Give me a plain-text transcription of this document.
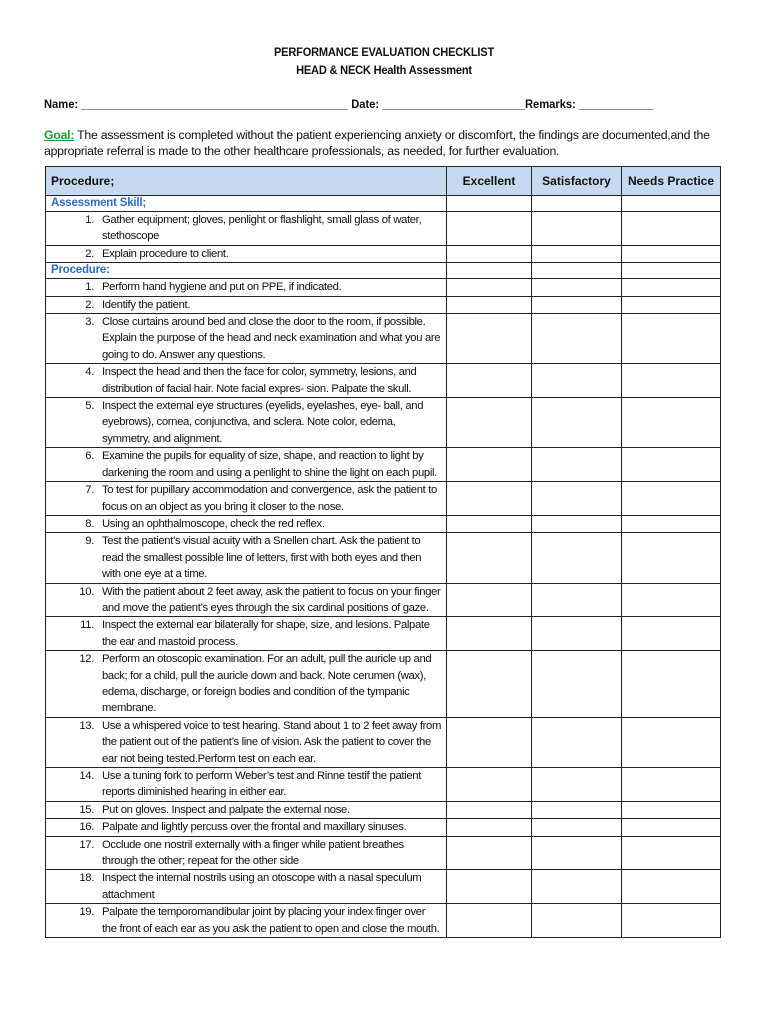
PERFORMANCE EVALUATION CHECKLIST
HEAD & NECK Health Assessment
Name: ___________________________________________ Date: _______________________Remarks: ____________
Goal: The assessment is completed without the patient experiencing anxiety or discomfort, the findings are documented,and the appropriate referral is made to the other healthcare professionals, as needed, for further evaluation.
Procedure;	Excellent	Satisfactory	Needs Practice

Assessment Skill;			

1. Gather equipment; gloves, penlight or flashlight, small glass of water, stethoscope			

2. Explain procedure to client.			

Procedure:			

1. Perform hand hygiene and put on PPE, if indicated.			

2. Identify the patient.			

3. Close curtains around bed and close the door to the room, if possible. Explain the purpose of the head and neck examination and what you are going to do. Answer any questions.			

4. Inspect the head and then the face for color, symmetry, lesions, and distribution of facial hair. Note facial expres- sion. Palpate the skull.			

5. Inspect the external eye structures (eyelids, eyelashes, eye- ball, and eyebrows), cornea, conjunctiva, and sclera. Note color, edema, symmetry, and alignment.			

6. Examine the pupils for equality of size, shape, and reaction to light by darkening the room and using a penlight to shine the light on each pupil.			

7. To test for pupillary accommodation and convergence, ask the patient to focus on an object as you bring it closer to the nose.			

8. Using an ophthalmoscope, check the red reflex.			

9. Test the patient’s visual acuity with a Snellen chart. Ask the patient to read the smallest possible line of letters, first with both eyes and then with one eye at a time.			

10. With the patient about 2 feet away, ask the patient to focus on your finger and move the patient’s eyes through the six cardinal positions of gaze.			

11. Inspect the external ear bilaterally for shape, size, and lesions. Palpate the ear and mastoid process.			

12. Perform an otoscopic examination. For an adult, pull the auricle up and back; for a child, pull the auricle down and back. Note cerumen (wax), edema, discharge, or foreign bodies and condition of the tympanic membrane.			

13. Use a whispered voice to test hearing. Stand about 1 to 2 feet away from the patient out of the patient’s line of vision. Ask the patient to cover the ear not being tested.Perform test on each ear.			

14. Use a tuning fork to perform Weber’s test and Rinne testif the patient reports diminished hearing in either ear.			

15. Put on gloves. Inspect and palpate the external nose.			

16. Palpate and lightly percuss over the frontal and maxillary sinuses.			

17. Occlude one nostril externally with a finger while patient breathes through the other; repeat for the other side			

18. Inspect the internal nostrils using an otoscope with a nasal speculum attachment			

19. Palpate the temporomandibular joint by placing your index finger over the front of each ear as you ask the patient to open and close the mouth.			
